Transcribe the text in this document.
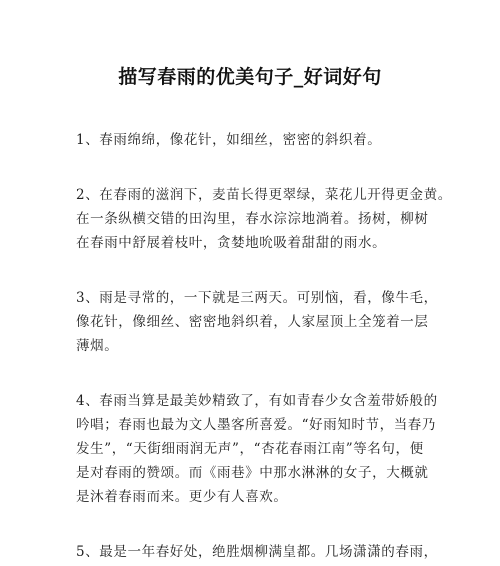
描写春雨的优美句子_好词好句
1、春雨绵绵，像花针，如细丝，密密的斜织着。
2、在春雨的滋润下，麦苗长得更翠绿，菜花儿开得更金黄。
在一条纵横交错的田沟里，春水淙淙地淌着。扬树，柳树
在春雨中舒展着枝叶，贪婪地吮吸着甜甜的雨水。
3、雨是寻常的，一下就是三两天。可别恼，看，像牛毛，
像花针，像细丝、密密地斜织着，人家屋顶上全笼着一层
薄烟。
4、春雨当算是最美妙精致了，有如青春少女含羞带娇般的
吟唱；春雨也最为文人墨客所喜爱。“好雨知时节，当春乃
发生”，“天街细雨润无声”，“杏花春雨江南”等名句，便
是对春雨的赞颂。而《雨巷》中那水淋淋的女子，大概就
是沐着春雨而来。更少有人喜欢。
5、最是一年春好处，绝胜烟柳满皇都。几场潇潇的春雨，
